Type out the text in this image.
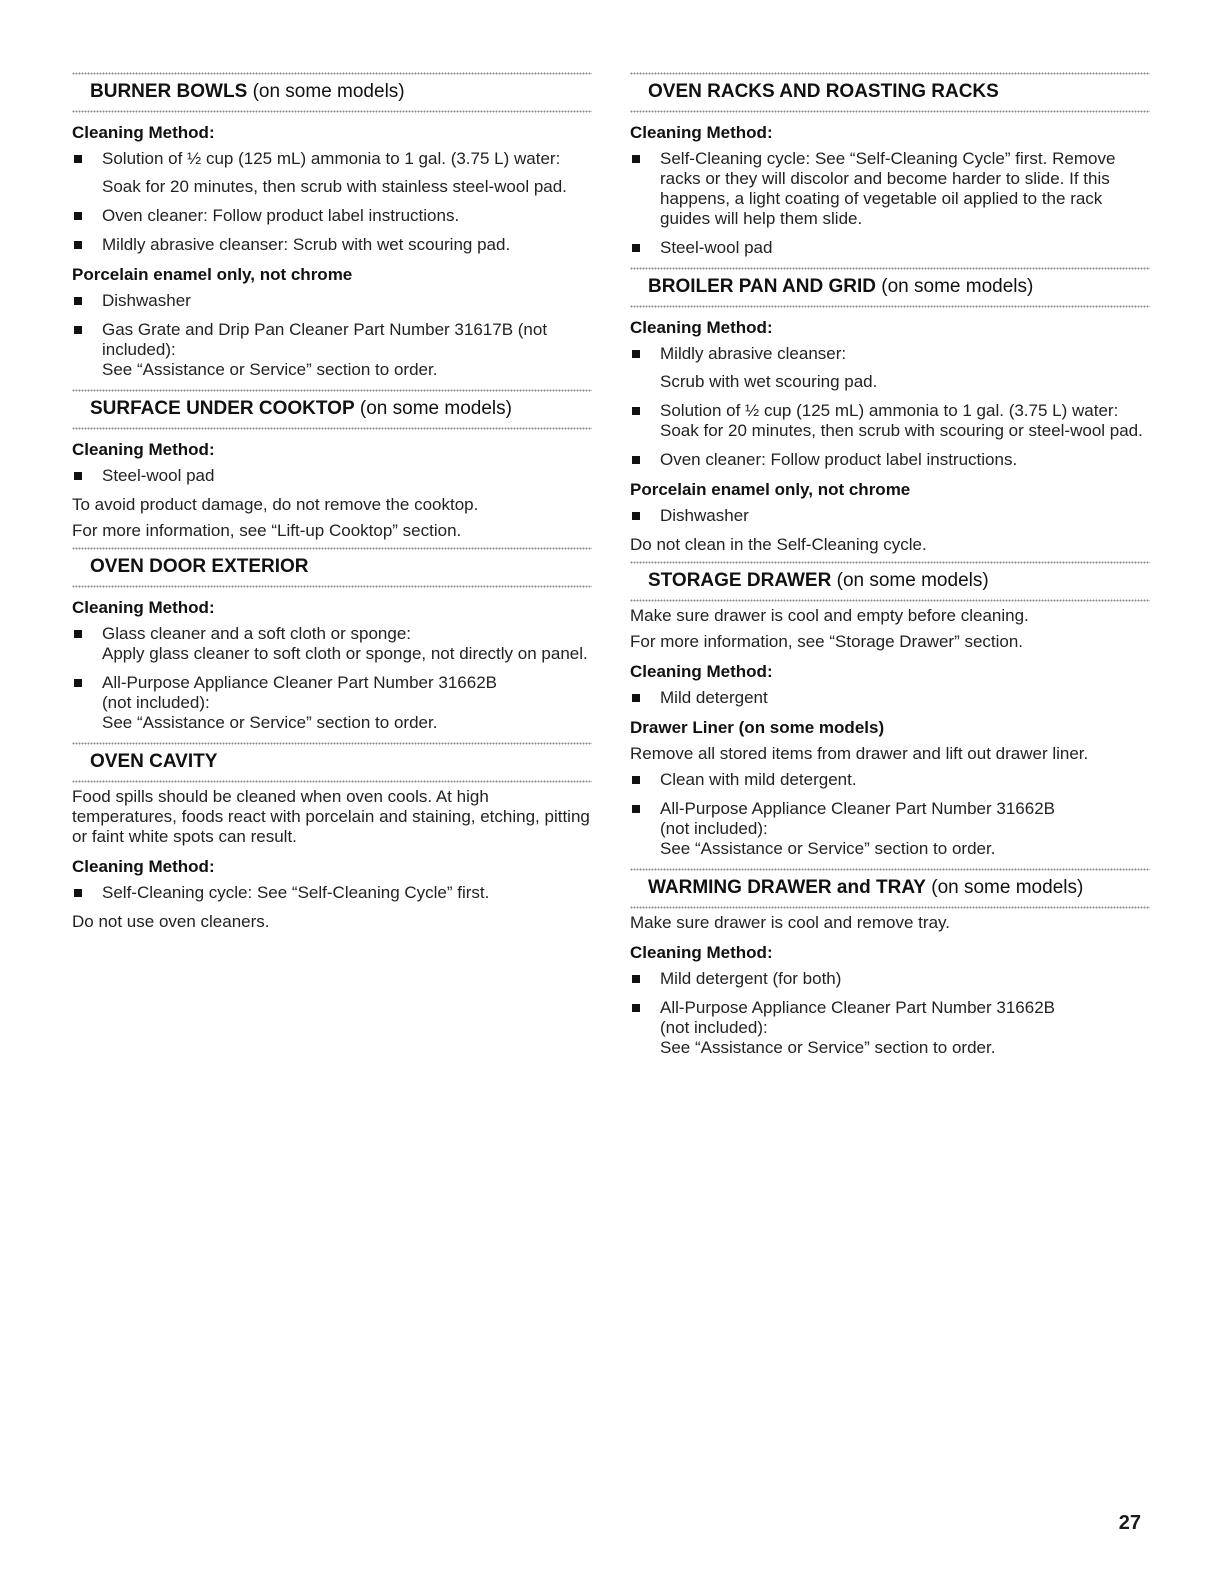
BURNER BOWLS (on some models)
Cleaning Method:
Solution of ½ cup (125 mL) ammonia to 1 gal. (3.75 L) water:
Soak for 20 minutes, then scrub with stainless steel-wool pad.
Oven cleaner: Follow product label instructions.
Mildly abrasive cleanser: Scrub with wet scouring pad.
Porcelain enamel only, not chrome
Dishwasher
Gas Grate and Drip Pan Cleaner Part Number 31617B (not included):
See “Assistance or Service” section to order.
SURFACE UNDER COOKTOP (on some models)
Cleaning Method:
Steel-wool pad
To avoid product damage, do not remove the cooktop.
For more information, see “Lift-up Cooktop” section.
OVEN DOOR EXTERIOR
Cleaning Method:
Glass cleaner and a soft cloth or sponge:
Apply glass cleaner to soft cloth or sponge, not directly on panel.
All-Purpose Appliance Cleaner Part Number 31662B
(not included):
See “Assistance or Service” section to order.
OVEN CAVITY
Food spills should be cleaned when oven cools. At high temperatures, foods react with porcelain and staining, etching, pitting or faint white spots can result.
Cleaning Method:
Self-Cleaning cycle: See “Self-Cleaning Cycle” first.
Do not use oven cleaners.
OVEN RACKS AND ROASTING RACKS
Cleaning Method:
Self-Cleaning cycle: See “Self-Cleaning Cycle” first. Remove racks or they will discolor and become harder to slide. If this happens, a light coating of vegetable oil applied to the rack guides will help them slide.
Steel-wool pad
BROILER PAN AND GRID (on some models)
Cleaning Method:
Mildly abrasive cleanser:
Scrub with wet scouring pad.
Solution of ½ cup (125 mL) ammonia to 1 gal. (3.75 L) water:
Soak for 20 minutes, then scrub with scouring or steel-wool pad.
Oven cleaner: Follow product label instructions.
Porcelain enamel only, not chrome
Dishwasher
Do not clean in the Self-Cleaning cycle.
STORAGE DRAWER (on some models)
Make sure drawer is cool and empty before cleaning.
For more information, see “Storage Drawer” section.
Cleaning Method:
Mild detergent
Drawer Liner (on some models)
Remove all stored items from drawer and lift out drawer liner.
Clean with mild detergent.
All-Purpose Appliance Cleaner Part Number 31662B
(not included):
See “Assistance or Service” section to order.
WARMING DRAWER and TRAY (on some models)
Make sure drawer is cool and remove tray.
Cleaning Method:
Mild detergent (for both)
All-Purpose Appliance Cleaner Part Number 31662B
(not included):
See “Assistance or Service” section to order.
27
